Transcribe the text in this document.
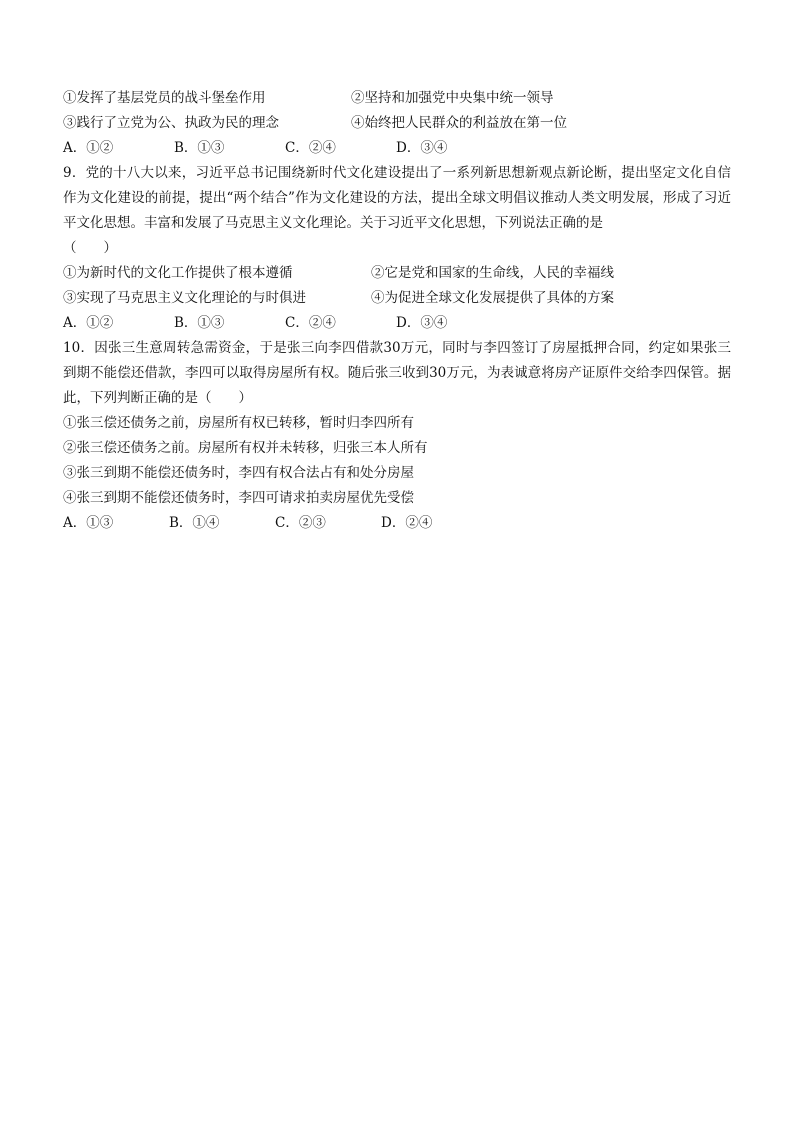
①发挥了基层党员的战斗堡垒作用	②坚持和加强党中央集中统一领导
③践行了立党为公、执政为民的理念	④始终把人民群众的利益放在第一位
A．①②	B．①③	C．②④	D．③④
9．党的十八大以来，习近平总书记围绕新时代文化建设提出了一系列新思想新观点新论断，提出坚定文化自信作为文化建设的前提，提出“两个结合”作为文化建设的方法，提出全球文明倡议推动人类文明发展，形成了习近平文化思想。丰富和发展了马克思主义文化理论。关于习近平文化思想，下列说法正确的是
（　　）
①为新时代的文化工作提供了根本遵循	②它是党和国家的生命线，人民的幸福线
③实现了马克思主义文化理论的与时俱进	④为促进全球文化发展提供了具体的方案
A．①②	B．①③	C．②④	D．③④
10．因张三生意周转急需资金，于是张三向李四借款30万元，同时与李四签订了房屋抵押合同，约定如果张三到期不能偿还借款，李四可以取得房屋所有权。随后张三收到30万元，为表诚意将房产证原件交给李四保管。据此，下列判断正确的是（　　）
①张三偿还债务之前，房屋所有权已转移，暂时归李四所有
②张三偿还债务之前。房屋所有权并未转移，归张三本人所有
③张三到期不能偿还债务时，李四有权合法占有和处分房屋
④张三到期不能偿还债务时，李四可请求拍卖房屋优先受偿
A．①③	B．①④	C．②③	D．②④
